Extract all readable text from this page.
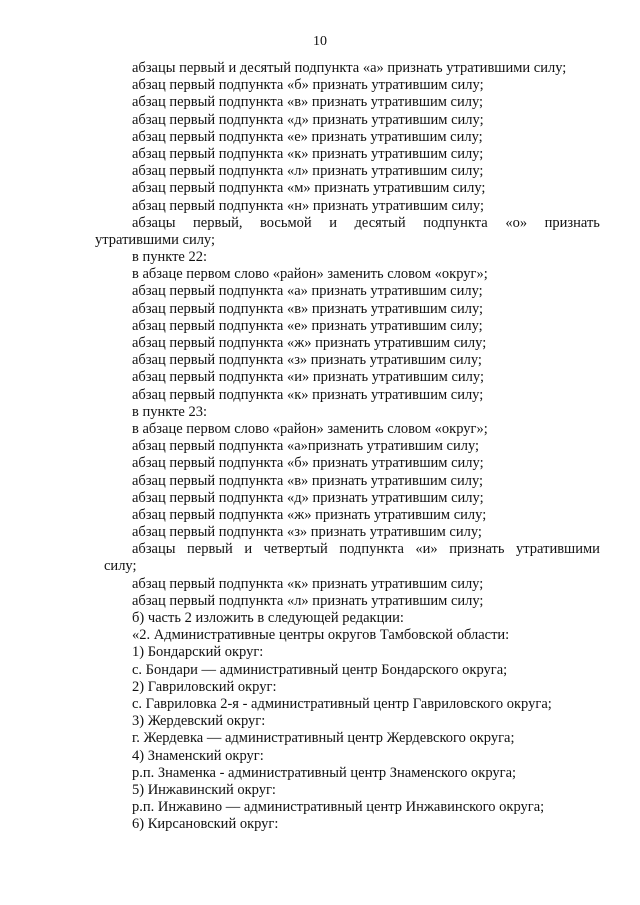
10
абзацы первый и десятый подпункта «а» признать утратившими силу;
абзац первый подпункта «б» признать утратившим силу;
абзац первый подпункта «в» признать утратившим силу;
абзац первый подпункта «д» признать утратившим силу;
абзац первый подпункта «е» признать утратившим силу;
абзац первый подпункта «к» признать утратившим силу;
абзац первый подпункта «л» признать утратившим силу;
абзац первый подпункта «м» признать утратившим силу;
абзац первый подпункта «н» признать утратившим силу;
абзацы первый, восьмой и десятый подпункта «о» признать
утратившими силу;
в пункте 22:
в абзаце первом слово «район» заменить словом «округ»;
абзац первый подпункта «а» признать утратившим силу;
абзац первый подпункта «в» признать утратившим силу;
абзац первый подпункта «е» признать утратившим силу;
абзац первый подпункта «ж» признать утратившим силу;
абзац первый подпункта «з» признать утратившим силу;
абзац первый подпункта «и» признать утратившим силу;
абзац первый подпункта «к» признать утратившим силу;
в пункте 23:
в абзаце первом слово «район» заменить словом «округ»;
абзац первый подпункта «а»признать утратившим силу;
абзац первый подпункта «б» признать утратившим силу;
абзац первый подпункта «в» признать утратившим силу;
абзац первый подпункта «д» признать утратившим силу;
абзац первый подпункта «ж» признать утратившим силу;
абзац первый подпункта «з» признать утратившим силу;
абзацы первый и четвертый подпункта «и» признать утратившими
силу;
абзац первый подпункта «к» признать утратившим силу;
абзац первый подпункта «л» признать утратившим силу;
б) часть 2 изложить в следующей редакции:
«2. Административные центры округов Тамбовской области:
1) Бондарский округ:
с. Бондари — административный центр Бондарского округа;
2) Гавриловский округ:
с. Гавриловка 2-я - административный центр Гавриловского округа;
3) Жердевский округ:
г. Жердевка — административный центр Жердевского округа;
4) Знаменский округ:
р.п. Знаменка - административный центр Знаменского округа;
5) Инжавинский округ:
р.п. Инжавино — административный центр Инжавинского округа;
6) Кирсановский округ:
